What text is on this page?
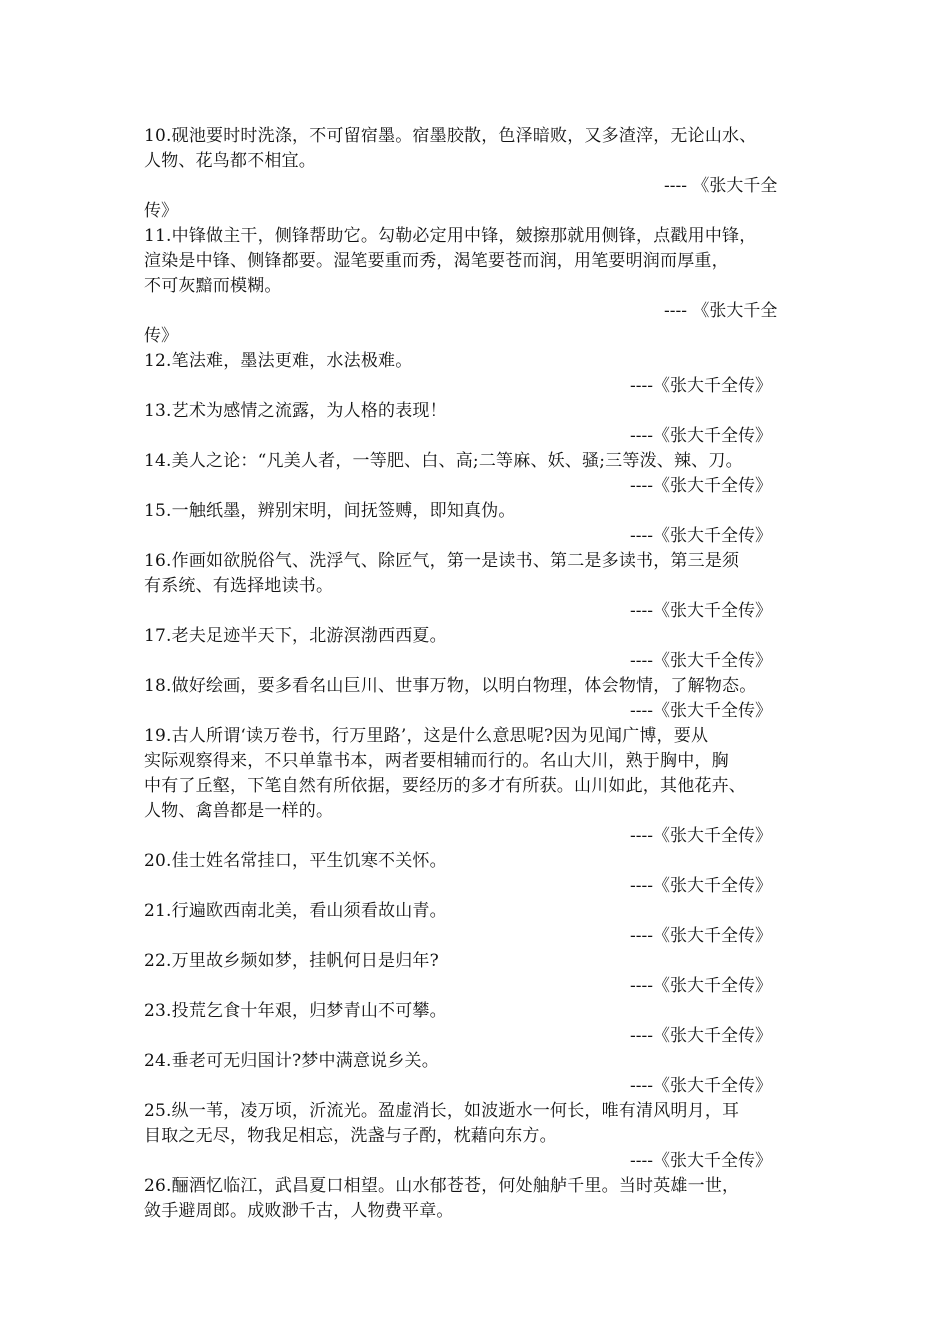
10.砚池要时时洗涤，不可留宿墨。宿墨胶散，色泽暗败，又多渣滓，无论山水、
人物、花鸟都不相宜。

---- 《张大千全

传》

11.中锋做主干，侧锋帮助它。勾勒必定用中锋，皴擦那就用侧锋，点戳用中锋，
渲染是中锋、侧锋都要。湿笔要重而秀，渴笔要苍而润，用笔要明润而厚重，
不可灰黯而模糊。

---- 《张大千全

传》

12.笔法难，墨法更难，水法极难。

----《张大千全传》

13.艺术为感情之流露，为人格的表现！

----《张大千全传》

14.美人之论：“凡美人者，一等肥、白、高;二等麻、妖、骚;三等泼、辣、刀。

----《张大千全传》

15.一触纸墨，辨别宋明，间抚签赙，即知真伪。

----《张大千全传》

16.作画如欲脱俗气、洗浮气、除匠气，第一是读书、第二是多读书，第三是须
有系统、有选择地读书。

----《张大千全传》

17.老夫足迹半天下，北游溟渤西西夏。

----《张大千全传》

18.做好绘画，要多看名山巨川、世事万物，以明白物理，体会物情，了解物态。

----《张大千全传》

19.古人所谓‘读万卷书，行万里路’，这是什么意思呢?因为见闻广博，要从
实际观察得来，不只单靠书本，两者要相辅而行的。名山大川，熟于胸中，胸
中有了丘壑，下笔自然有所依据，要经历的多才有所获。山川如此，其他花卉、
人物、禽兽都是一样的。

----《张大千全传》

20.佳士姓名常挂口，平生饥寒不关怀。

----《张大千全传》

21.行遍欧西南北美，看山须看故山青。

----《张大千全传》

22.万里故乡频如梦，挂帆何日是归年?

----《张大千全传》

23.投荒乞食十年艰，归梦青山不可攀。

----《张大千全传》

24.垂老可无归国计?梦中满意说乡关。

----《张大千全传》

25.纵一苇，凌万顷，沂流光。盈虚消长，如波逝水一何长，唯有清风明月，耳
目取之无尽，物我足相忘，洗盏与子酌，枕藉向东方。

----《张大千全传》

26.酾酒忆临江，武昌夏口相望。山水郁苍苍，何处舳舻千里。当时英雄一世，
敛手避周郎。成败渺千古，人物费平章。
